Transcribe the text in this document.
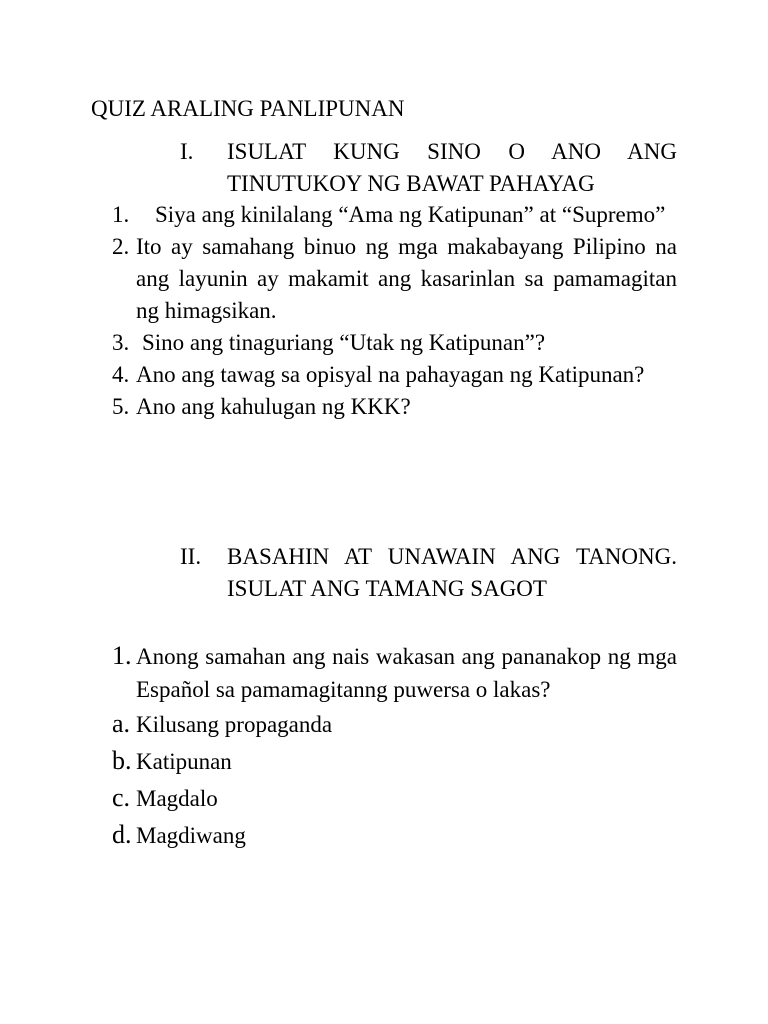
QUIZ ARALING PANLIPUNAN
I.	ISULAT KUNG SINO O ANO ANG TINUTUKOY NG BAWAT PAHAYAG
1.	Siya ang kinilalang “Ama ng Katipunan” at “Supremo”
2. Ito ay samahang binuo ng mga makabayang Pilipino na ang layunin ay makamit ang kasarinlan sa pamamagitan ng himagsikan.
3. Sino ang tinaguriang “Utak ng Katipunan”?
4. Ano ang tawag sa opisyal na pahayagan ng Katipunan?
5. Ano ang kahulugan ng KKK?
II.	BASAHIN AT UNAWAIN ANG TANONG. ISULAT ANG TAMANG SAGOT
1. Anong samahan ang nais wakasan ang pananakop ng mga Español sa pamamagitanng puwersa o lakas?
a. Kilusang propaganda
b. Katipunan
c. Magdalo
d. Magdiwang
